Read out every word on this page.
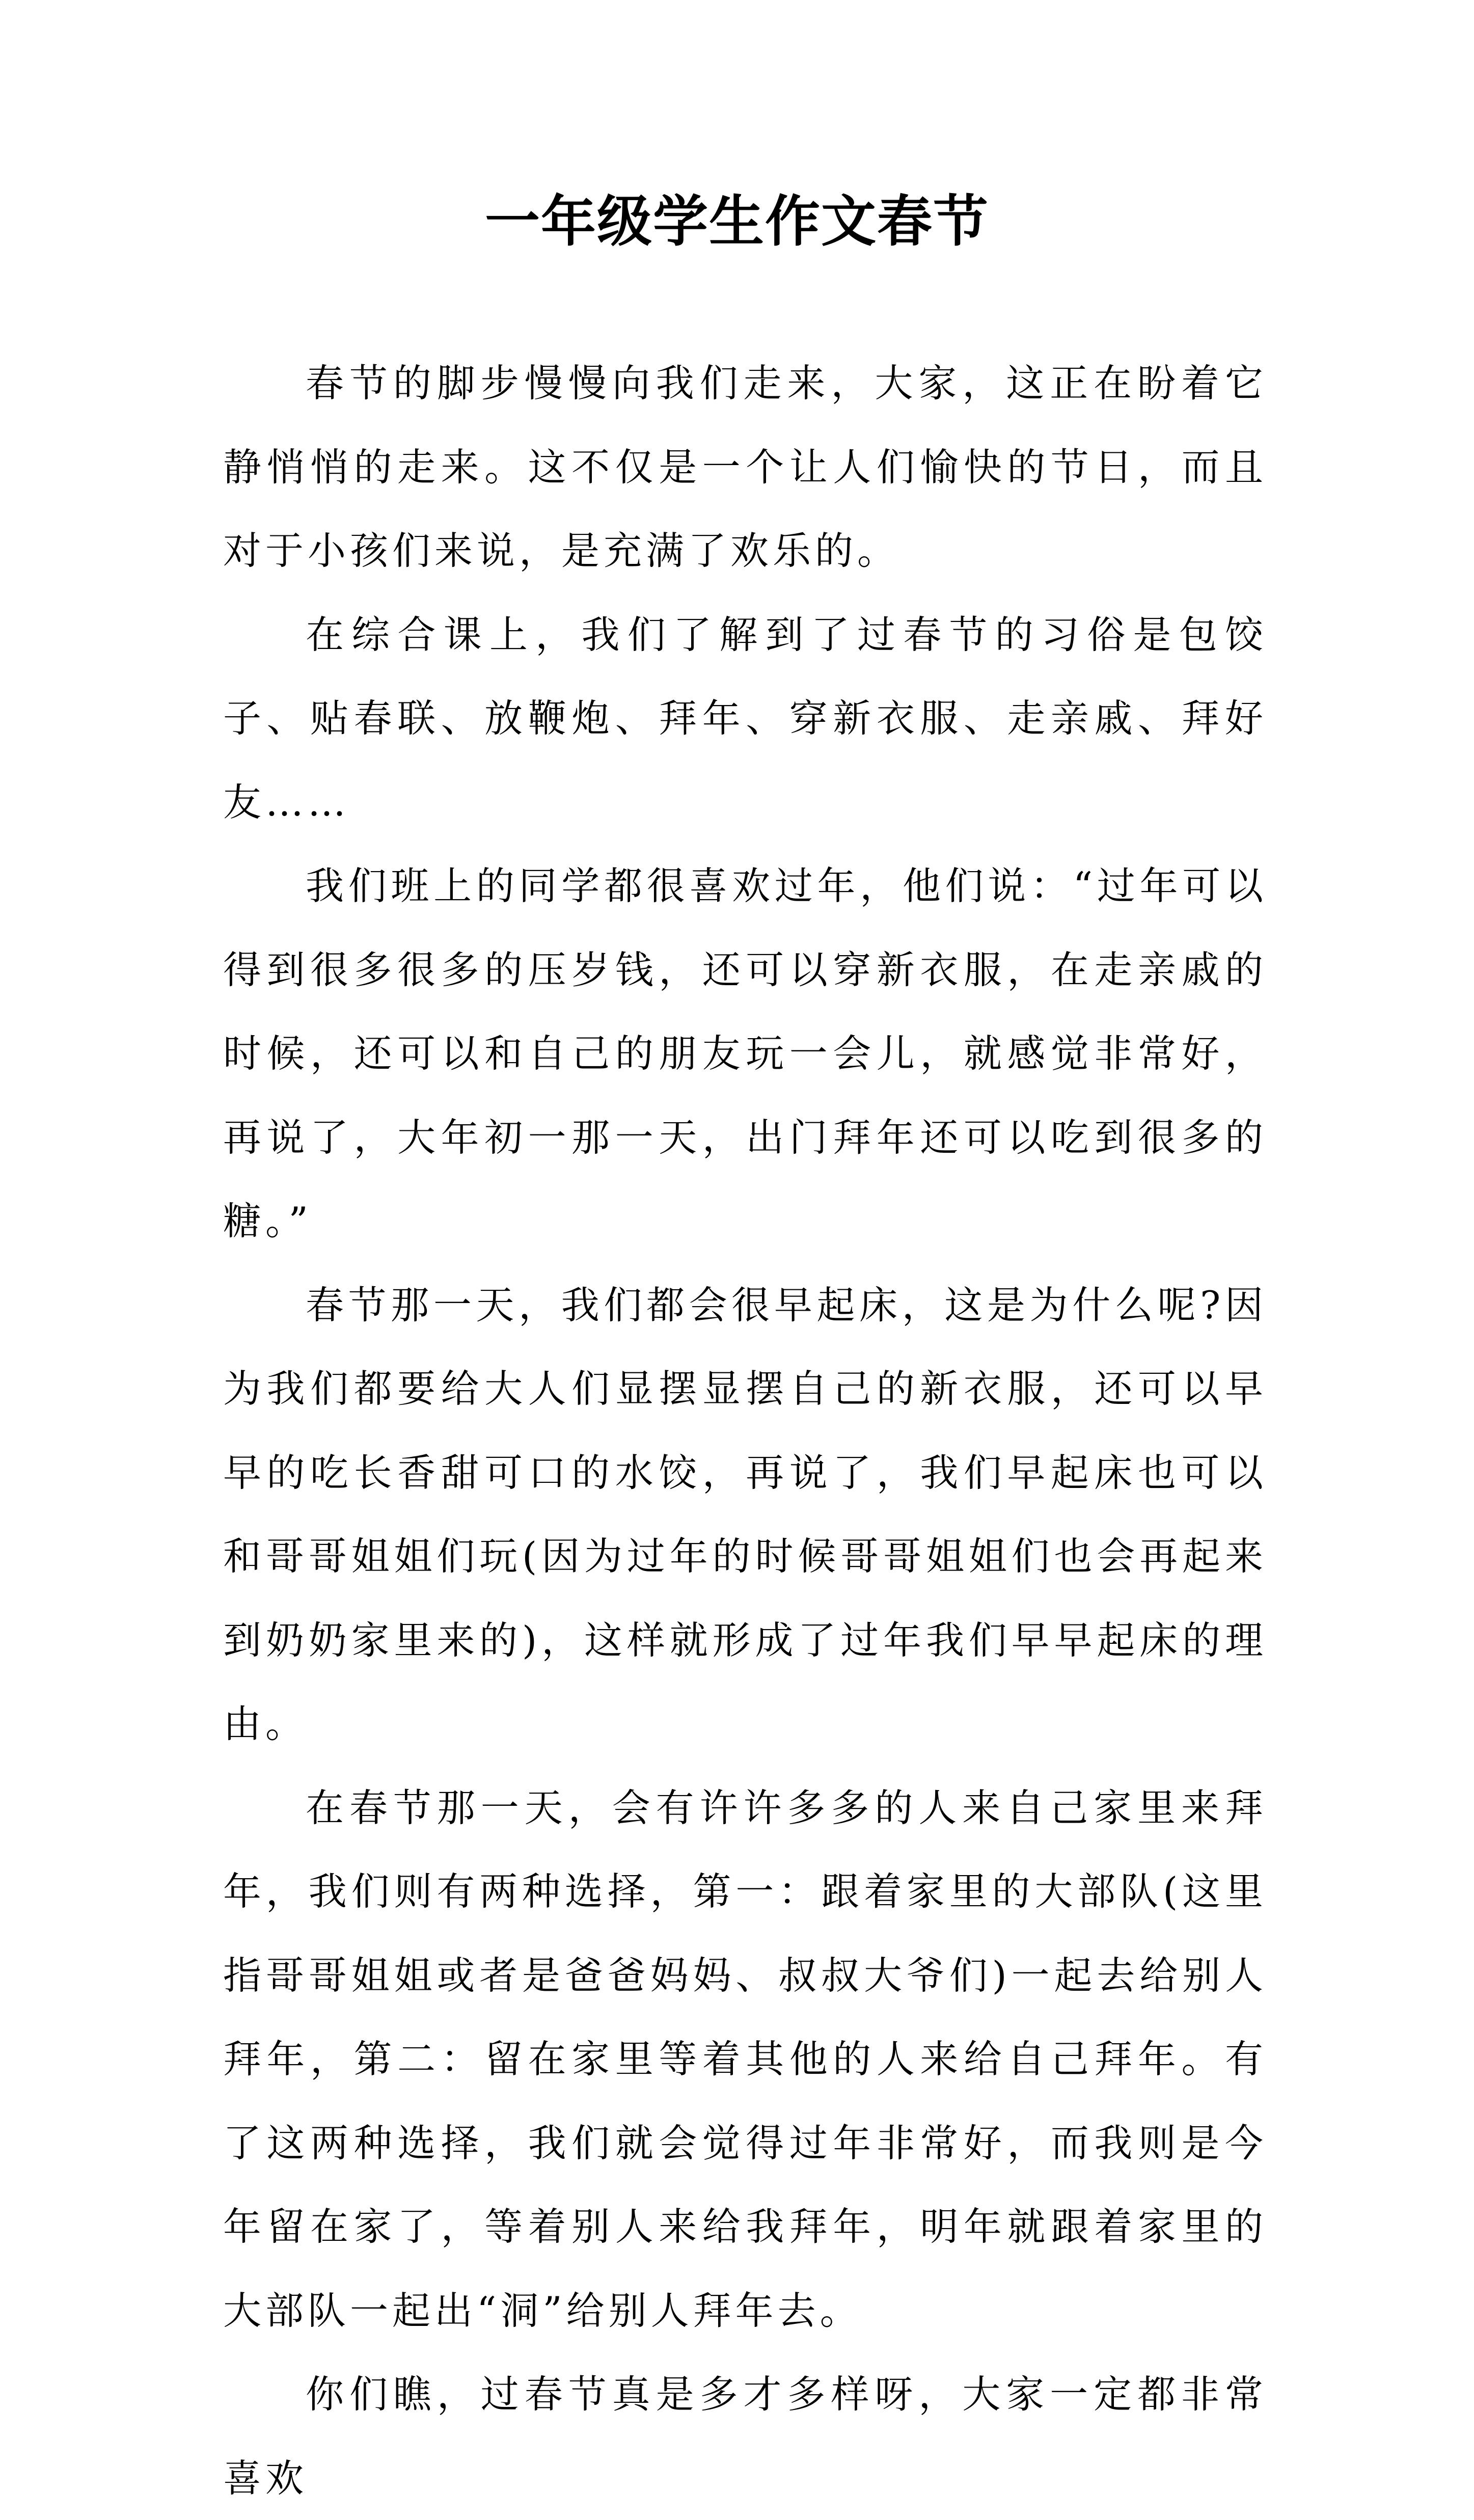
一年级学生作文春节

春节的脚步慢慢向我们走来，大家，这正在盼着它静悄悄的走来。这不仅是一个让人们愉快的节日，而且对于小孩们来说，是充满了欢乐的。

在综合课上，我们了解到了过春节的习俗是包饺子、贴春联、放鞭炮、拜年、穿新衣服、走亲戚、拜好友……

我们班上的同学都很喜欢过年，他们说：“过年可以得到很多很多的压岁钱，还可以穿新衣服，在走亲戚的时候，还可以和自己的朋友玩一会儿，就感觉非常好，再说了，大年初一那一天，出门拜年还可以吃到很多的糖。”

春节那一天，我们都会很早起床，这是为什么呢?因为我们都要给大人们显摆显摆自己的新衣服，还可以早早的吃长香甜可口的水饺，再说了，我们早起床也可以和哥哥姐姐们玩(因为过年的时候哥哥姐姐们也会再起来到奶奶家里来的)，这样就形成了过年我们早早起床的理由。

在春节那一天，会有许许多多的人来自己家里来拜年，我们则有两种选择，第一：跟着家里的大部队(这里指哥哥姐姐或者是爸爸妈妈、叔叔大爷们)一起去给别人拜年，第二：留在家里等着其他的人来给自己拜年。有了这两种选择，我们就会觉得过年非常好，而我则是今年留在家了，等着别人来给我拜年，明年就跟着家里的大部队一起出“洞”给别人拜年去。

你们瞧，过春节真是多才多样呀，大家一定都非常喜欢
